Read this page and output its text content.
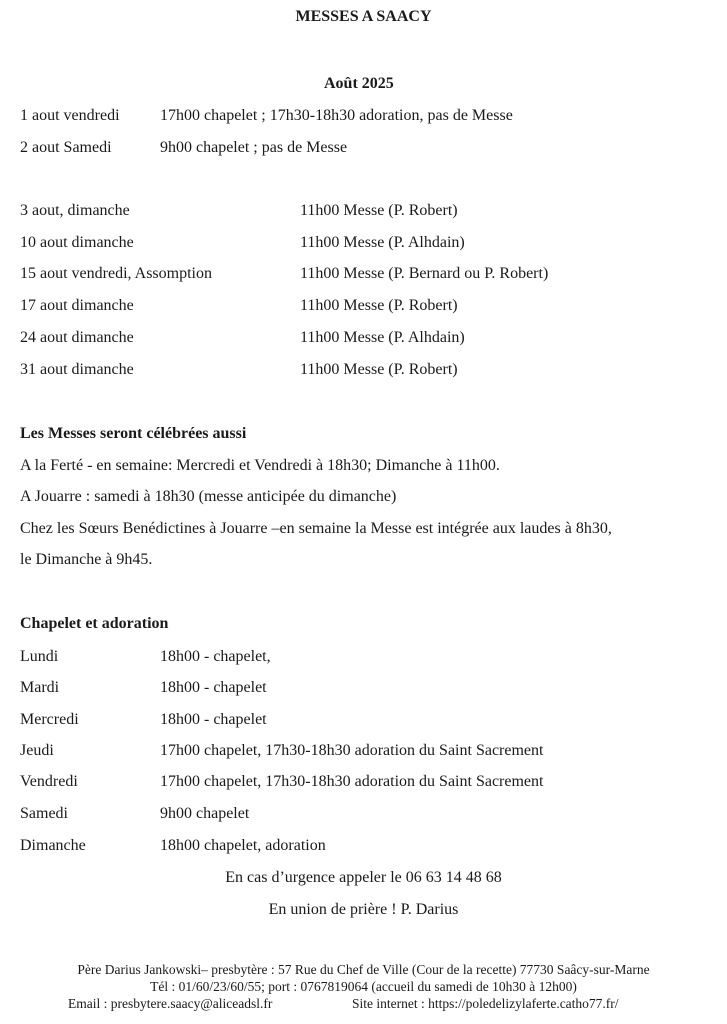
MESSES A SAACY
Août 2025
1 aout vendredi	17h00 chapelet ; 17h30-18h30 adoration, pas de Messe
2 aout Samedi	9h00 chapelet ; pas de Messe
3 aout, dimanche	11h00 Messe (P. Robert)
10 aout dimanche	11h00 Messe (P. Alhdain)
15 aout vendredi, Assomption	11h00 Messe (P. Bernard ou P. Robert)
17 aout dimanche	11h00 Messe (P. Robert)
24 aout dimanche	11h00 Messe (P. Alhdain)
31 aout dimanche	11h00 Messe (P. Robert)
Les Messes seront célébrées aussi
A la Ferté - en semaine: Mercredi et Vendredi à 18h30; Dimanche à 11h00.
A Jouarre : samedi à 18h30 (messe anticipée du dimanche)
Chez les Sœurs Benédictines à Jouarre –en semaine la Messe est intégrée aux laudes à 8h30,
le Dimanche à 9h45.
Chapelet et adoration
Lundi	18h00 - chapelet,
Mardi	18h00 - chapelet
Mercredi	18h00 - chapelet
Jeudi	17h00 chapelet, 17h30-18h30 adoration du Saint Sacrement
Vendredi	17h00 chapelet, 17h30-18h30 adoration du Saint Sacrement
Samedi	9h00 chapelet
Dimanche	18h00 chapelet, adoration
En cas d’urgence appeler le 06 63 14 48 68
En union de prière ! P. Darius
Père Darius Jankowski– presbytère : 57 Rue du Chef de Ville (Cour de la recette) 77730 Saâcy-sur-Marne
Tél : 01/60/23/60/55; port : 0767819064 (accueil du samedi de 10h30 à 12h00)
Email : presbytere.saacy@aliceadsl.fr	Site internet : https://poledelizylaferte.catho77.fr/
